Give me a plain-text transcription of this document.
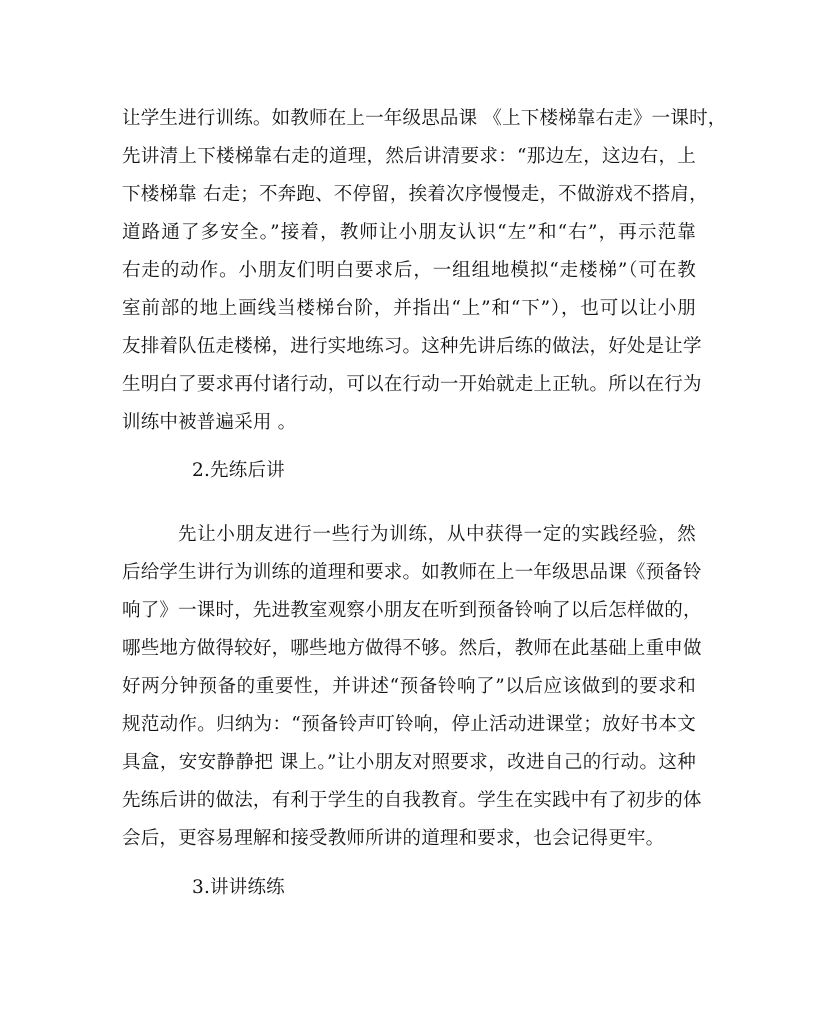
让学生进行训练。如教师在上一年级思品课 《上下楼梯靠右走》一课时，
先讲清上下楼梯靠右走的道理，然后讲清要求：“那边左，这边右，上
下楼梯靠 右走；不奔跑、不停留，挨着次序慢慢走，不做游戏不搭肩，
道路通了多安全。”接着，教师让小朋友认识“左”和“右”，再示范靠
右走的动作。小朋友们明白要求后，一组组地模拟“走楼梯”（可在教
室前部的地上画线当楼梯台阶，并指出“上”和“下”），也可以让小朋
友排着队伍走楼梯，进行实地练习。这种先讲后练的做法，好处是让学
生明白了要求再付诸行动，可以在行动一开始就走上正轨。所以在行为
训练中被普遍采用 。
2.先练后讲
先让小朋友进行一些行为训练，从中获得一定的实践经验，然
后给学生讲行为训练的道理和要求。如教师在上一年级思品课《预备铃
响了》一课时，先进教室观察小朋友在听到预备铃响了以后怎样做的，
哪些地方做得较好，哪些地方做得不够。然后，教师在此基础上重申做
好两分钟预备的重要性，并讲述“预备铃响了”以后应该做到的要求和
规范动作。归纳为：“预备铃声叮铃响，停止活动进课堂；放好书本文
具盒，安安静静把 课上。”让小朋友对照要求，改进自己的行动。这种
先练后讲的做法，有利于学生的自我教育。学生在实践中有了初步的体
会后，更容易理解和接受教师所讲的道理和要求，也会记得更牢。
3.讲讲练练
